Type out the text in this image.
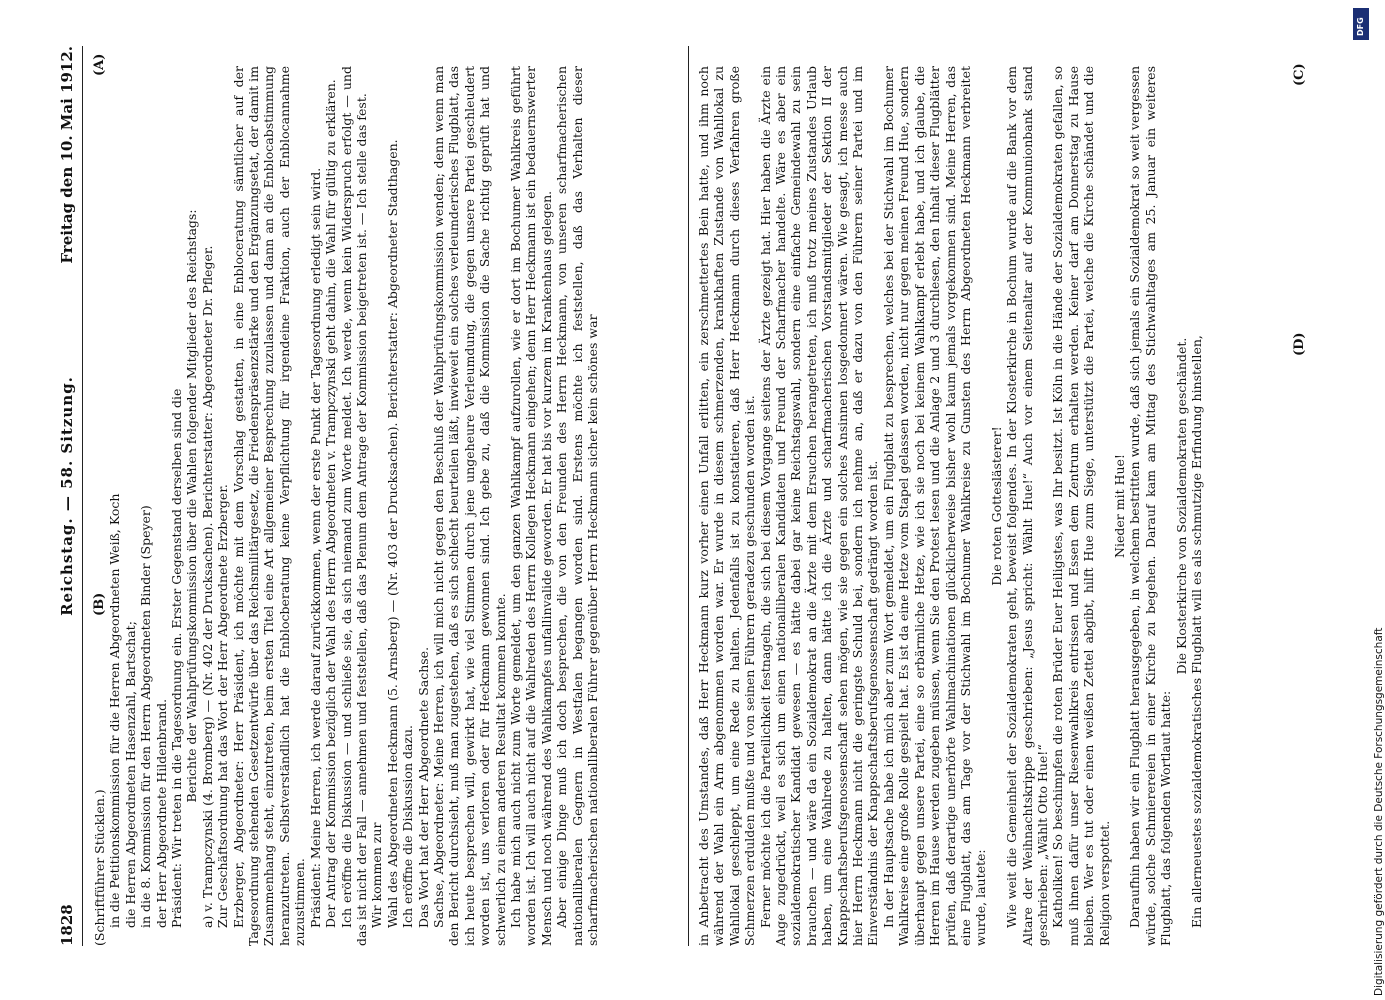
1828
Reichstag. — 58. Sitzung.
Freitag den 10. Mai 1912.

(Schriftführer Stücklen.) in die Petitionskommission für die Herren Abgeordneten Weiß, Koch die Herren Abgeordneten Hasenzahl, Bartschat; in die 8. Kommission für den Herrn Abgeordneten Binder (Speyer) der Herr Abgeordnete Hildenbrand. Präsident: Wir treten in die Tagesordnung ein. Erster Gegenstand derselben sind die Berichte der Wahlprüfungskommission über die Wahlen folgender Mitglieder des Reichstags: a) v. Trampczynski (4. Bromberg) — (Nr. 402 der Drucksachen). Berichterstatter: Abgeordneter Dr. Pfleger. Zur Geschäftsordnung hat das Wort der Herr Abgeordnete Erzberger. Erzberger, Abgeordneter: Herr Präsident, ich möchte mit dem Vorschlag gestatten, in eine Enbloceratung sämtlicher auf der Tagesordnung stehenden Gesetzentwürfe über das Reichsmilitärgesetz, die Friedenspräsenzstärke und den Ergänzungsetat, der damit im Zusammenhang steht, einzutreten, beim ersten Titel eine Art allgemeiner Besprechung zuzulassen und dann an die Enblocabstimmung heranzutreten. Selbstverständlich hat die Enblocberatung keine Verpflichtung für irgendeine Fraktion, auch der Enblocannahme zuzustimmen. Präsident: Meine Herren, ich werde darauf zurückkommen, wenn der erste Punkt der Tagesordnung erledigt sein wird. Der Antrag der Kommission bezüglich der Wahl des Herrn Abgeordneten v. Trampczynski geht dahin, die Wahl für gültig zu erklären. Ich eröffne die Diskussion — und schließe sie, da sich niemand zum Worte meldet. Ich werde, wenn kein Widerspruch erfolgt — und das ist nicht der Fall — annehmen und feststellen, daß das Plenum dem Antrage der Kommission beigetreten ist. — Ich stelle das fest. Wir kommen zur Wahl des Abgeordneten Heckmann (5. Arnsberg) — (Nr. 403 der Drucksachen). Berichterstatter: Abgeordneter Stadthagen. Ich eröffne die Diskussion dazu. Das Wort hat der Herr Abgeordnete Sachse. Sachse, Abgeordneter: Meine Herren, ich will mich nicht gegen den Beschluß der Wahlprüfungskommission wenden; denn wenn man den Bericht durchsieht, muß man zugestehen, daß es sich schlecht beurteilen läßt, inwieweit ein solches verleumderisches Flugblatt, das ich heute besprechen will, gewirkt hat, wie viel Stimmen durch jene ungeheure Verleumdung, die gegen unsere Partei geschleudert worden ist, uns verloren oder für Heckmann gewonnen sind. Ich gebe zu, daß die Kommission die Sache richtig geprüft hat und schwerlich zu einem anderen Resultat kommen konnte. Ich habe mich auch nicht zum Worte gemeldet, um den ganzen Wahlkampf aufzurollen, wie er dort im Bochumer Wahlkreis geführt worden ist. Ich will auch nicht auf die Wahlreden des Herrn Kollegen Heckmann eingehen; denn Herr Heckmann ist ein bedauernswerter Mensch und noch während des Wahlkampfes unfallinvalide geworden. Er hat bis vor kurzem im Krankenhaus gelegen. Aber einige Dinge muß ich doch besprechen, die von den Freunden des Herrn Heckmann, von unseren scharfmacherischen nationalliberalen Gegnern in Westfalen begangen worden sind. Erstens möchte ich feststellen, daß das Verhalten dieser scharfmacherischen nationalliberalen Führer gegenüber Herrn Heckmann sicher kein schönes war	in Anbetracht des Umstandes, daß Herr Heckmann kurz vorher einen Unfall erlitten, ein zerschmettertes Bein hatte, und ihm noch während der Wahl ein Arm abgenommen worden war. Er wurde in diesem schmerzenden, krankhaften Zustande von Wahllokal zu Wahllokal geschleppt, um eine Rede zu halten. Jedenfalls ist zu konstatieren, daß Herr Heckmann durch dieses Verfahren große Schmerzen erdulden mußte und von seinen Führern geradezu geschunden worden ist. Ferner möchte ich die Parteilichkeit festnageln, die sich bei diesem Vorgange seitens der Ärzte gezeigt hat. Hier haben die Ärzte ein Auge zugedrückt, weil es sich um einen nationalliberalen Kandidaten und Freund der Scharfmacher handelte. Wäre es aber ein sozialdemokratischer Kandidat gewesen — es hätte dabei gar keine Reichstagswahl, sondern eine einfache Gemeindewahl zu sein brauchen — und wäre da ein Sozialdemokrat an die Ärzte mit dem Ersuchen herangetreten, ich muß trotz meines Zustandes Urlaub haben, um eine Wahlrede zu halten, dann hätte ich die Ärzte und scharfmacherischen Vorstandsmitglieder der Sektion II der Knappschaftsberufsgenossenschaft sehen mögen, wie sie gegen ein solches Ansinnen losgedonnert wären. Wie gesagt, ich messe auch hier Herrn Heckmann nicht die geringste Schuld bei, sondern ich nehme an, daß er dazu von den Führern seiner Partei und im Einverständnis der Knappschaftsberufsgenossenschaft gedrängt worden ist. In der Hauptsache habe ich mich aber zum Wort gemeldet, um ein Flugblatt zu besprechen, welches bei der Stichwahl im Bochumer Wahlkreise eine große Rolle gespielt hat. Es ist da eine Hetze vom Stapel gelassen worden, nicht nur gegen meinen Freund Hue, sondern überhaupt gegen unsere Partei, eine so erbärmliche Hetze, wie ich sie noch bei keinem Wahlkampf erlebt habe, und ich glaube, die Herren im Hause werden zugeben müssen, wenn Sie den Protest lesen und die Anlage 2 und 3 durchlesen, den Inhalt dieser Flugblätter prüfen, daß derartige unerhörte Wahlmachinationen glücklicherweise bisher wohl kaum jemals vorgekommen sind. Meine Herren, das eine Flugblatt, das am Tage vor der Stichwahl im Bochumer Wahlkreise zu Gunsten des Herrn Abgeordneten Heckmann verbreitet wurde, lautete:

Die roten Gotteslästerer! Wie weit die Gemeinheit der Sozialdemokraten geht, beweist folgendes. In der Klosterkirche in Bochum wurde auf die Bank vor dem Altare der Weihnachtskrippe geschrieben: „Jesus spricht: Wählt Hue!“ Auch vor einem Seitenaltar auf der Kommunionbank stand geschrieben: „Wählt Otto Hue!“ Katholiken! So beschimpfen die roten Brüder Euer Heiligstes, was Ihr besitzt. Ist Köln in die Hände der Sozialdemokraten gefallen, so muß ihnen dafür unser Riesenwahlkreis entrissen und Essen dem Zentrum erhalten werden. Keiner darf am Donnerstag zu Hause bleiben. Wer es tut oder einen weißen Zettel abgibt, hilft Hue zum Siege, unterstützt die Partei, welche die Kirche schändet und die Religion verspottet.

Nieder mit Hue! Daraufhin haben wir ein Flugblatt herausgegeben, in welchem bestritten wurde, daß sich jemals ein Sozialdemokrat so weit vergessen würde, solche Schmierereien in einer Kirche zu begehen. Darauf kam am Mittag des Stichwahltages am 25. Januar ein weiteres Flugblatt, das folgenden Wortlaut hatte:

Die Klosterkirche von Sozialdemokraten geschändet. Ein allerneuestes sozialdemokratisches Flugblatt will es als schmutzige Erfindung hinstellen,

(A)
(B)
(C)
(D)
Digitalisierung gefördert durch die Deutsche Forschungsgemeinschaft
DFG
